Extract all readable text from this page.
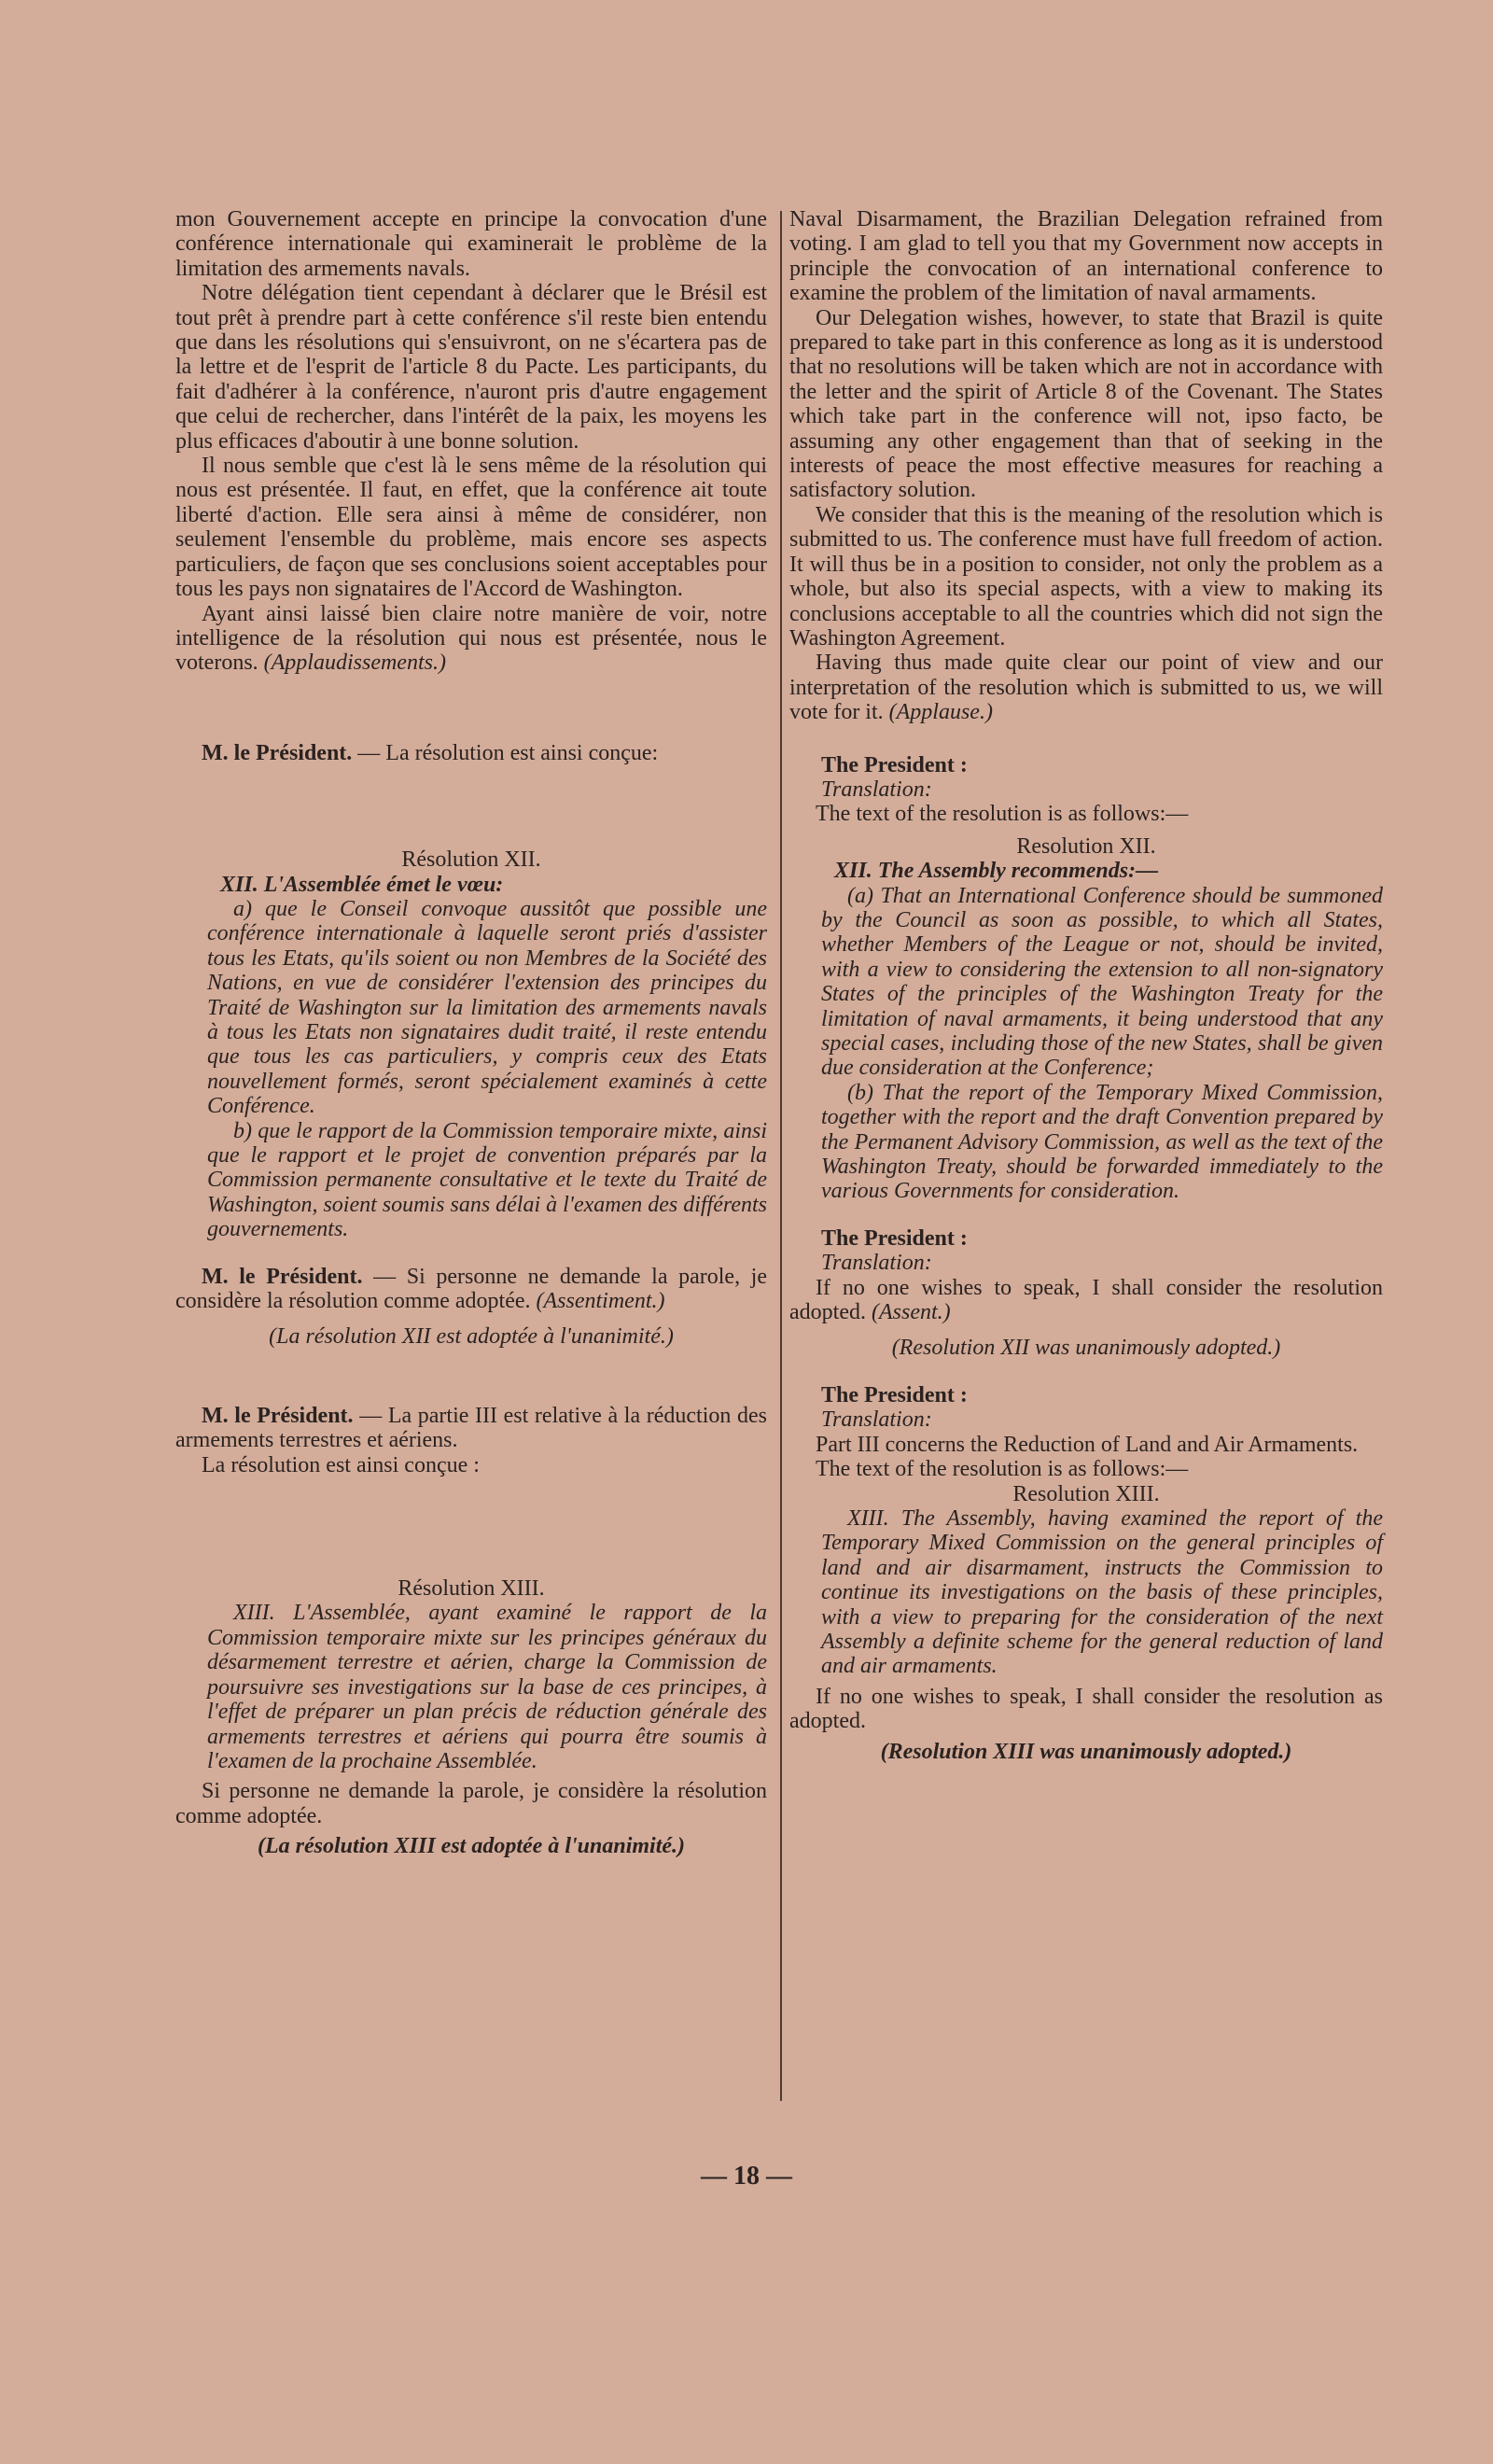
mon Gouvernement accepte en principe la convocation d'une conférence internationale qui examinerait le problème de la limitation des armements navals.

Notre délégation tient cependant à déclarer que le Brésil est tout prêt à prendre part à cette conférence s'il reste bien entendu que dans les résolutions qui s'ensuivront, on ne s'écartera pas de la lettre et de l'esprit de l'article 8 du Pacte. Les participants, du fait d'adhérer à la conférence, n'auront pris d'autre engagement que celui de rechercher, dans l'intérêt de la paix, les moyens les plus efficaces d'aboutir à une bonne solution.

Il nous semble que c'est là le sens même de la résolution qui nous est présentée. Il faut, en effet, que la conférence ait toute liberté d'action. Elle sera ainsi à même de considérer, non seulement l'ensemble du problème, mais encore ses aspects particuliers, de façon que ses conclusions soient acceptables pour tous les pays non signataires de l'Accord de Washington.

Ayant ainsi laissé bien claire notre manière de voir, notre intelligence de la résolution qui nous est présentée, nous le voterons. (Applaudissements.)

M. le Président. — La résolution est ainsi conçue:

Résolution XII.

XII. L'Assemblée émet le vœu:

a) que le Conseil convoque aussitôt que possible une conférence internationale à laquelle seront priés d'assister tous les Etats, qu'ils soient ou non Membres de la Société des Nations, en vue de considérer l'extension des principes du Traité de Washington sur la limitation des armements navals à tous les Etats non signataires dudit traité, il reste entendu que tous les cas particuliers, y compris ceux des Etats nouvellement formés, seront spécialement examinés à cette Conférence.

b) que le rapport de la Commission temporaire mixte, ainsi que le rapport et le projet de convention préparés par la Commission permanente consultative et le texte du Traité de Washington, soient soumis sans délai à l'examen des différents gouvernements.

M. le Président. — Si personne ne demande la parole, je considère la résolution comme adoptée. (Assentiment.)

(La résolution XII est adoptée à l'unanimité.)

M. le Président. — La partie III est relative à la réduction des armements terrestres et aériens.

La résolution est ainsi conçue :

Résolution XIII.

XIII. L'Assemblée, ayant examiné le rapport de la Commission temporaire mixte sur les principes généraux du désarmement terrestre et aérien, charge la Commission de poursuivre ses investigations sur la base de ces principes, à l'effet de préparer un plan précis de réduction générale des armements terrestres et aériens qui pourra être soumis à l'examen de la prochaine Assemblée.

Si personne ne demande la parole, je considère la résolution comme adoptée.

(La résolution XIII est adoptée à l'unanimité.)

Naval Disarmament, the Brazilian Delegation refrained from voting. I am glad to tell you that my Government now accepts in principle the convocation of an international conference to examine the problem of the limitation of naval armaments.

Our Delegation wishes, however, to state that Brazil is quite prepared to take part in this conference as long as it is understood that no resolutions will be taken which are not in accordance with the letter and the spirit of Article 8 of the Covenant. The States which take part in the conference will not, ipso facto, be assuming any other engagement than that of seeking in the interests of peace the most effective measures for reaching a satisfactory solution.

We consider that this is the meaning of the resolution which is submitted to us. The conference must have full freedom of action. It will thus be in a position to consider, not only the problem as a whole, but also its special aspects, with a view to making its conclusions acceptable to all the countries which did not sign the Washington Agreement.

Having thus made quite clear our point of view and our interpretation of the resolution which is submitted to us, we will vote for it. (Applause.)

The President :

Translation:

The text of the resolution is as follows:—

Resolution XII.

XII. The Assembly recommends:—

(a) That an International Conference should be summoned by the Council as soon as possible, to which all States, whether Members of the League or not, should be invited, with a view to considering the extension to all non-signatory States of the principles of the Washington Treaty for the limitation of naval armaments, it being understood that any special cases, including those of the new States, shall be given due consideration at the Conference;

(b) That the report of the Temporary Mixed Commission, together with the report and the draft Convention prepared by the Permanent Advisory Commission, as well as the text of the Washington Treaty, should be forwarded immediately to the various Governments for consideration.

The President :

Translation:

If no one wishes to speak, I shall consider the resolution adopted. (Assent.)

(Resolution XII was unanimously adopted.)

The President :

Translation:

Part III concerns the Reduction of Land and Air Armaments.

The text of the resolution is as follows:—

Resolution XIII.

XIII. The Assembly, having examined the report of the Temporary Mixed Commission on the general principles of land and air disarmament, instructs the Commission to continue its investigations on the basis of these principles, with a view to preparing for the consideration of the next Assembly a definite scheme for the general reduction of land and air armaments.

If no one wishes to speak, I shall consider the resolution as adopted.

(Resolution XIII was unanimously adopted.)

— 18 —
